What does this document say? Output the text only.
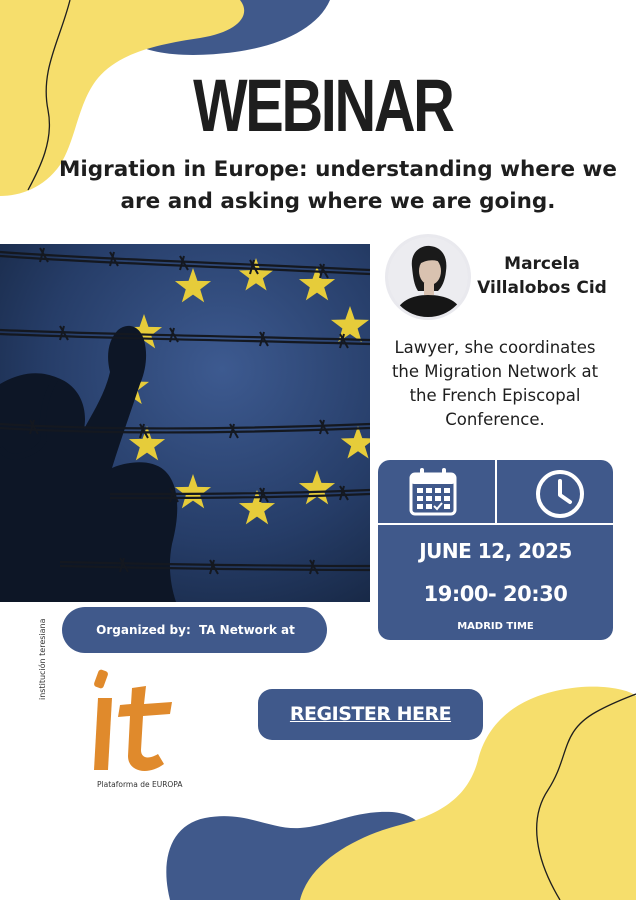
WEBINAR
Migration in Europe: understanding where we
are and asking where we are going.
Marcela
Villalobos Cid
Lawyer, she coordinates
the Migration Network at
the French Episcopal
Conference.
JUNE 12, 2025
19:00- 20:30
MADRID TIME
Organized by: TA Network at Migration
REGISTER HERE
institución teresiana
Plataforma de EUROPA
